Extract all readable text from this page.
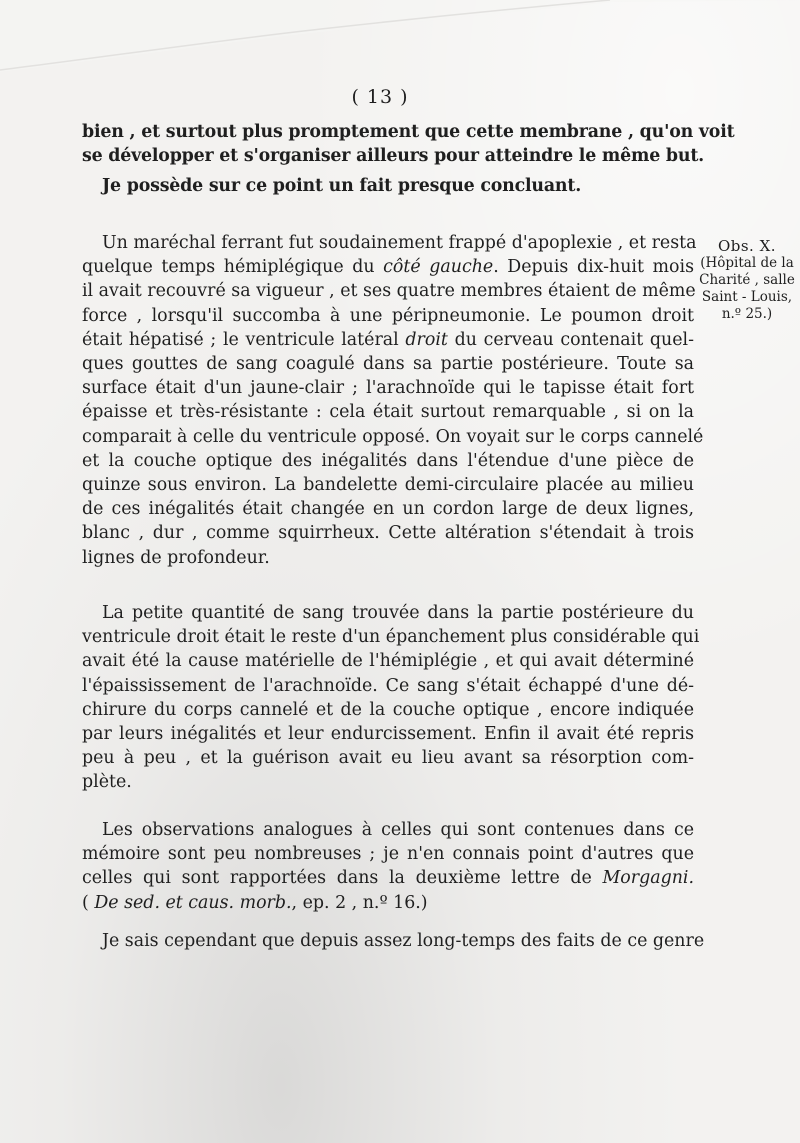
( 13 )
bien , et surtout plus promptement que cette membrane , qu'on voit
se développer et s'organiser ailleurs pour atteindre le même but.
Je possède sur ce point un fait presque concluant.
Obs. X.
(Hôpital de la
Charité , salle
Saint - Louis,
n.º 25.)
Un maréchal ferrant fut soudainement frappé d'apoplexie , et resta
quelque temps hémiplégique du côté gauche. Depuis dix-huit mois
il avait recouvré sa vigueur , et ses quatre membres étaient de même
force , lorsqu'il succomba à une péripneumonie. Le poumon droit
était hépatisé ; le ventricule latéral droit du cerveau contenait quel-
ques gouttes de sang coagulé dans sa partie postérieure. Toute sa
surface était d'un jaune-clair ; l'arachnoïde qui le tapisse était fort
épaisse et très-résistante : cela était surtout remarquable , si on la
comparait à celle du ventricule opposé. On voyait sur le corps cannelé
et la couche optique des inégalités dans l'étendue d'une pièce de
quinze sous environ. La bandelette demi-circulaire placée au milieu
de ces inégalités était changée en un cordon large de deux lignes,
blanc , dur , comme squirrheux. Cette altération s'étendait à trois
lignes de profondeur.
La petite quantité de sang trouvée dans la partie postérieure du
ventricule droit était le reste d'un épanchement plus considérable qui
avait été la cause matérielle de l'hémiplégie , et qui avait déterminé
l'épaississement de l'arachnoïde. Ce sang s'était échappé d'une dé-
chirure du corps cannelé et de la couche optique , encore indiquée
par leurs inégalités et leur endurcissement. Enfin il avait été repris
peu à peu , et la guérison avait eu lieu avant sa résorption com-
plète.
Les observations analogues à celles qui sont contenues dans ce
mémoire sont peu nombreuses ; je n'en connais point d'autres que
celles qui sont rapportées dans la deuxième lettre de Morgagni.
( De sed. et caus. morb., ep. 2 , n.º 16.)
Je sais cependant que depuis assez long-temps des faits de ce genre
